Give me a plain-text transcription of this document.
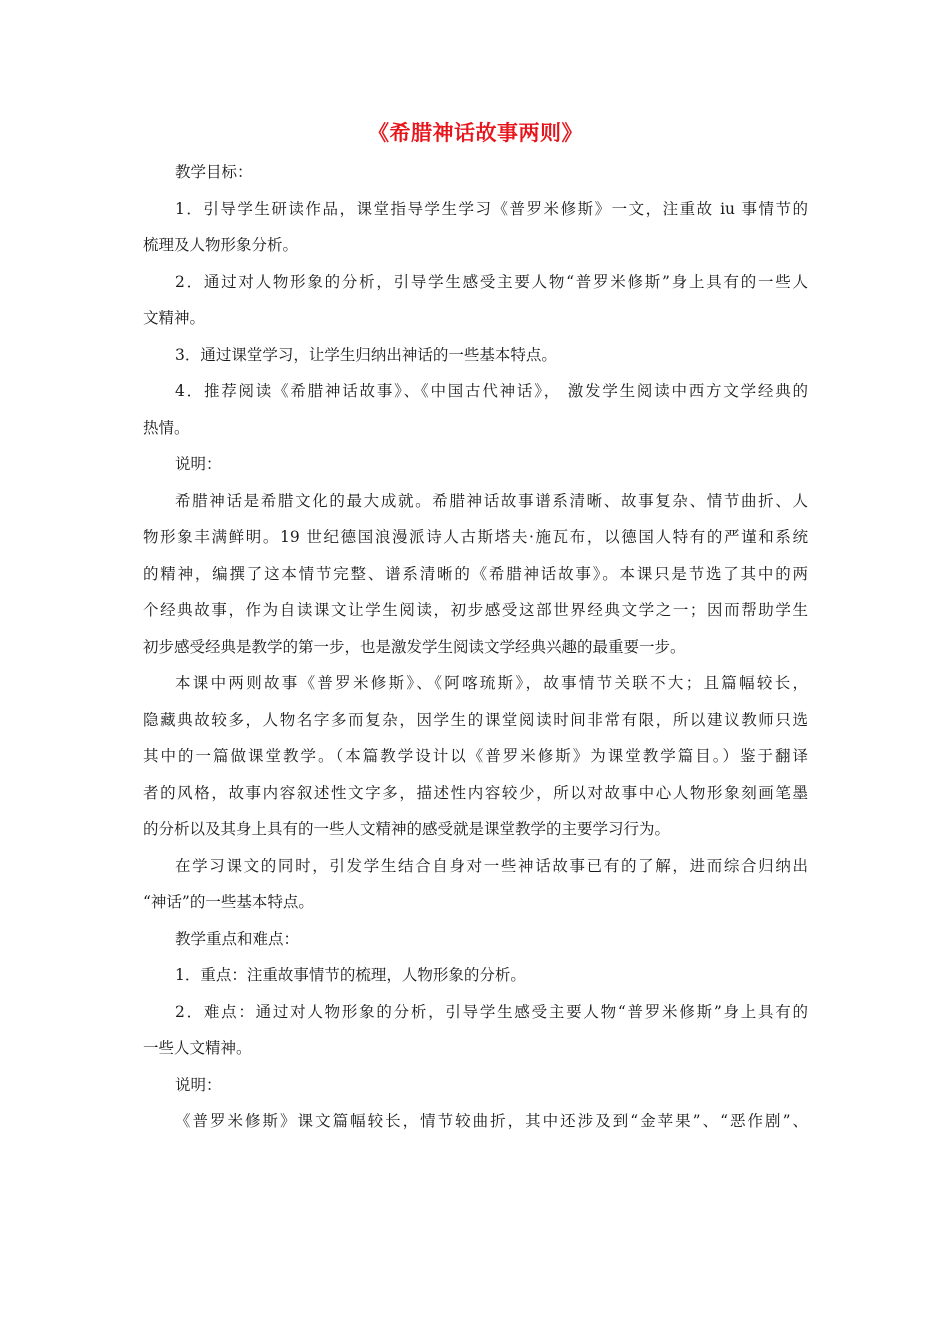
《希腊神话故事两则》

教学目标：

1．引导学生研读作品，课堂指导学生学习《普罗米修斯》一文，注重故 iu 事情节的

梳理及人物形象分析。

2．通过对人物形象的分析，引导学生感受主要人物“普罗米修斯”身上具有的一些人

文精神。

3．通过课堂学习，让学生归纳出神话的一些基本特点。

4．推荐阅读《希腊神话故事》、《中国古代神话》， 激发学生阅读中西方文学经典的

热情。

说明：

希腊神话是希腊文化的最大成就。希腊神话故事谱系清晰、故事复杂、情节曲折、人

物形象丰满鲜明。19 世纪德国浪漫派诗人古斯塔夫·施瓦布，以德国人特有的严谨和系统

的精神，编撰了这本情节完整、谱系清晰的《希腊神话故事》。本课只是节选了其中的两

个经典故事，作为自读课文让学生阅读，初步感受这部世界经典文学之一；因而帮助学生

初步感受经典是教学的第一步，也是激发学生阅读文学经典兴趣的最重要一步。

本课中两则故事《普罗米修斯》、《阿喀琉斯》，故事情节关联不大；且篇幅较长，

隐藏典故较多，人物名字多而复杂，因学生的课堂阅读时间非常有限，所以建议教师只选

其中的一篇做课堂教学。（本篇教学设计以《普罗米修斯》为课堂教学篇目。）鉴于翻译

者的风格，故事内容叙述性文字多，描述性内容较少，所以对故事中心人物形象刻画笔墨

的分析以及其身上具有的一些人文精神的感受就是课堂教学的主要学习行为。

在学习课文的同时，引发学生结合自身对一些神话故事已有的了解，进而综合归纳出

“神话”的一些基本特点。

教学重点和难点：

1．重点：注重故事情节的梳理，人物形象的分析。

2．难点：通过对人物形象的分析，引导学生感受主要人物“普罗米修斯”身上具有的

一些人文精神。

说明：

《普罗米修斯》课文篇幅较长，情节较曲折，其中还涉及到“金苹果”、“恶作剧”、
